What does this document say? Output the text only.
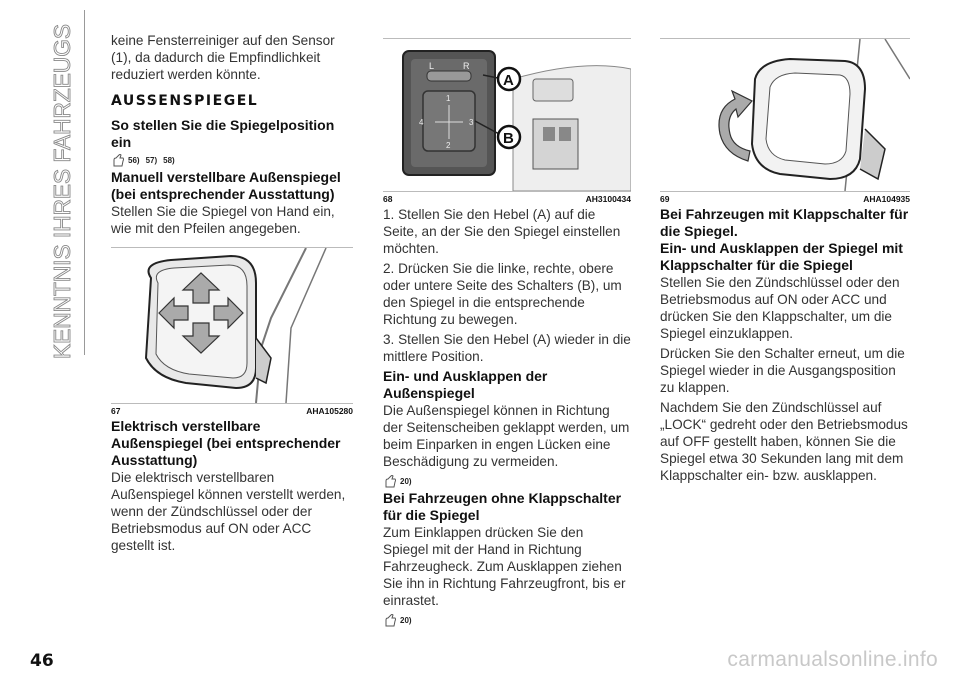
KENNTNIS IHRES FAHRZEUGS	keine Fensterreiniger auf den Sensor (1), da dadurch die Empfindlichkeit reduziert werden könnte.

AUSSENSPIEGEL
So stellen Sie die Spiegelposition ein
56) 57) 58)
Manuell verstellbare Außenspiegel (bei entsprechender Ausstattung)

Stellen Sie die Spiegel von Hand ein, wie mit den Pfeilen angegeben.

67	AHA105280
Elektrisch verstellbare Außenspiegel (bei entsprechender Ausstattung)

Die elektrisch verstellbaren Außenspiegel können verstellt werden, wenn der Zündschlüssel oder der Betriebsmodus auf ON oder ACC gestellt ist.

L	R
1
2
3
4
A
B
68	AH3100434

1. Stellen Sie den Hebel (A) auf die Seite, an der Sie den Spiegel einstellen möchten.

2. Drücken Sie die linke, rechte, obere oder untere Seite des Schalters (B), um den Spiegel in die entsprechende Richtung zu bewegen.

3. Stellen Sie den Hebel (A) wieder in die mittlere Position.

Ein- und Ausklappen der Außenspiegel

Die Außenspiegel können in Richtung der Seitenscheiben geklappt werden, um beim Einparken in engen Lücken eine Beschädigung zu vermeiden.

20)
Bei Fahrzeugen ohne Klappschalter für die Spiegel

Zum Einklappen drücken Sie den Spiegel mit der Hand in Richtung Fahrzeugheck. Zum Ausklappen ziehen Sie ihn in Richtung Fahrzeugfront, bis er einrastet.

20)
69	AHA104935
Bei Fahrzeugen mit Klappschalter für die Spiegel.
Ein- und Ausklappen der Spiegel mit Klappschalter für die Spiegel

Stellen Sie den Zündschlüssel oder den Betriebsmodus auf ON oder ACC und drücken Sie den Klappschalter, um die Spiegel einzuklappen.

Drücken Sie den Schalter erneut, um die Spiegel wieder in die Ausgangsposition zu klappen.

Nachdem Sie den Zündschlüssel auf „LOCK“ gedreht oder den Betriebsmodus auf OFF gestellt haben, können Sie die Spiegel etwa 30 Sekunden lang mit dem Klappschalter ein- bzw. ausklappen.

46	carmanualsonline.info
